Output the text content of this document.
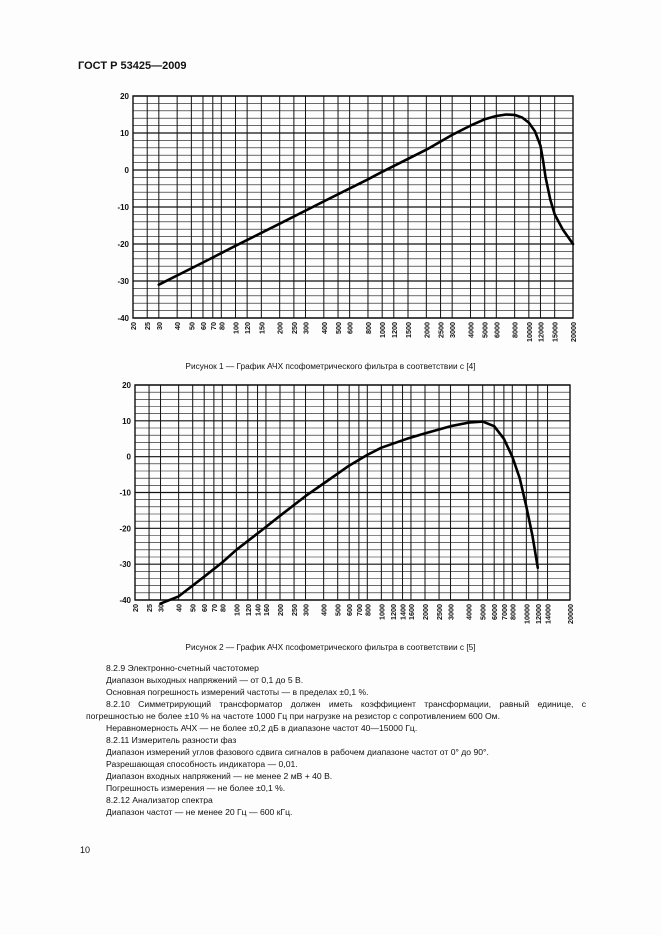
ГОСТ Р 53425—2009
20
10
0
-10
-20
-30
-40
20 25 30 40 50 60 70 80 100 120 150 200 250 300 400 500 600 800 1000 1200 1500 2000 2500 3000 4000 5000 6000 8000 10000 12000 15000 20000
Рисунок 1 — График АЧХ псофометрического фильтра в соответствии с [4]
20
10
0
-10
-20
-30
-40
20 25 30 40 50 60 70 80 100 120 140 160 200 250 300 400 500 600 700 800 1000 1200 1400 1600 2000 2500 3000 4000 5000 6000 7000 8000 10000 12000 14000 20000
Рисунок 2 — График АЧХ псофометрического фильтра в соответствии с [5]

8.2.9 Электронно-счетный частотомер

Диапазон выходных напряжений — от 0,1 до 5 В.

Основная погрешность измерений частоты — в пределах ±0,1 %.

8.2.10 Симметрирующий трансформатор должен иметь коэффициент трансформации, равный единице, с погрешностью не более ±10 % на частоте 1000 Гц при нагрузке на резистор с сопротивлением 600 Ом.

Неравномерность АЧХ — не более ±0,2 дБ в диапазоне частот 40—15000 Гц.

8.2.11 Измеритель разности фаз

Диапазон измерений углов фазового сдвига сигналов в рабочем диапазоне частот от 0° до 90°.

Разрешающая способность индикатора — 0,01.

Диапазон входных напряжений — не менее 2 мВ + 40 В.

Погрешность измерения — не более ±0,1 %.

8.2.12 Анализатор спектра

Диапазон частот — не менее 20 Гц — 600 кГц.

10
